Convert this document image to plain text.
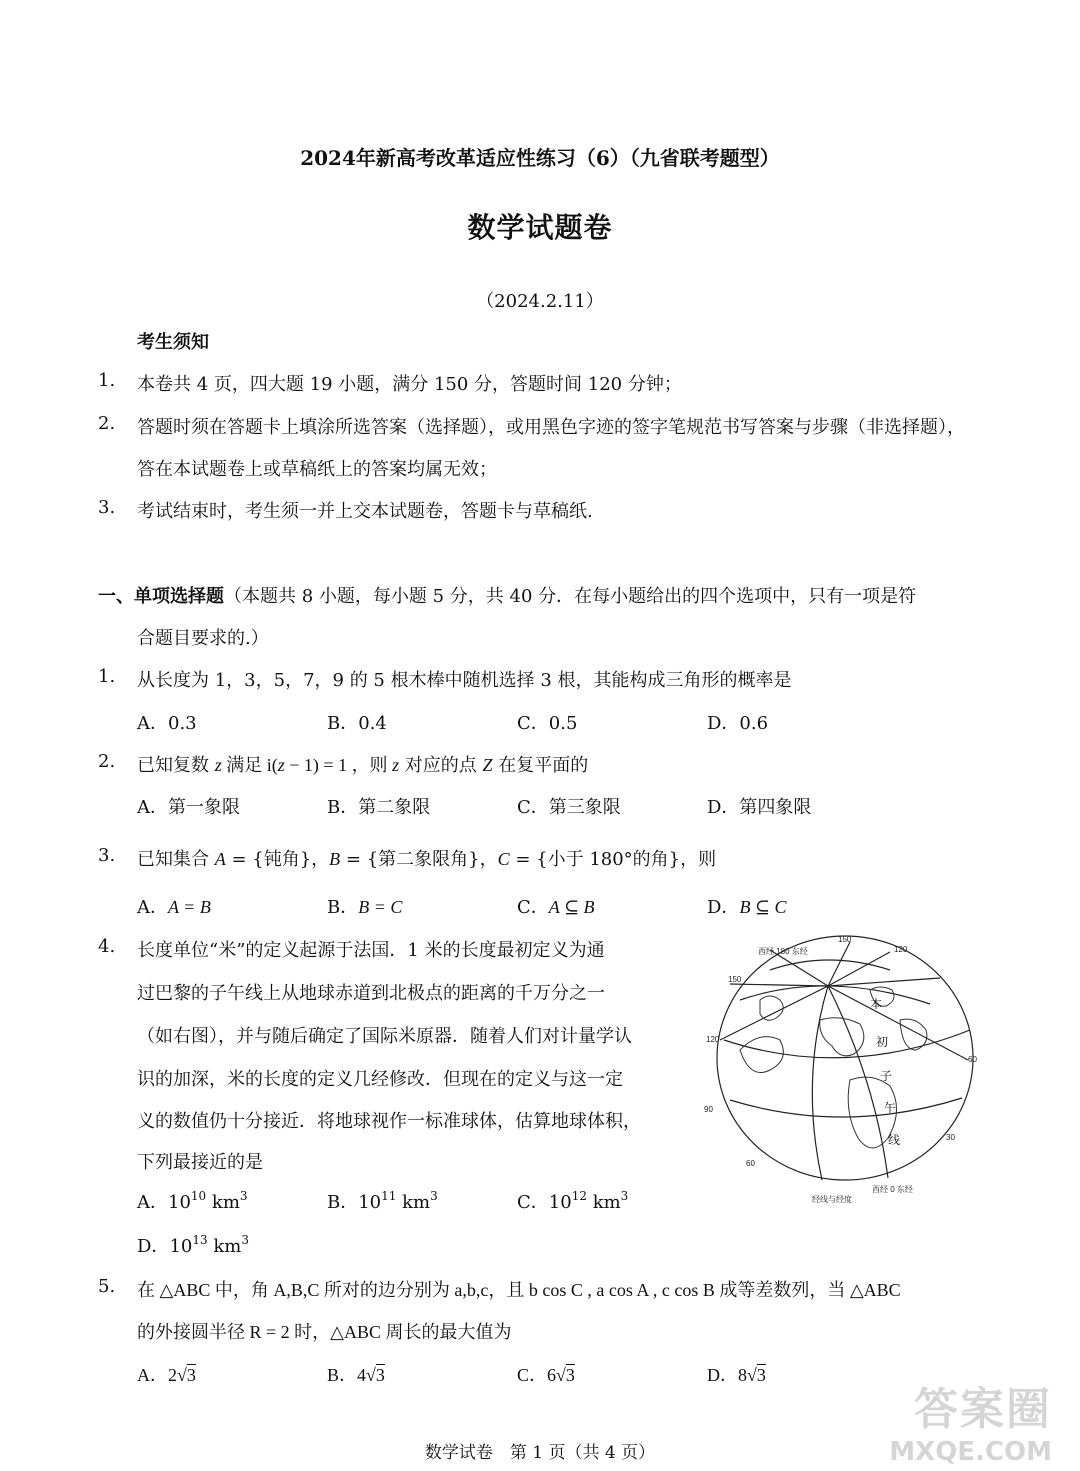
2024年新高考改革适应性练习（6）（九省联考题型）
数学试题卷
（2024.2.11）
考生须知
1. 本卷共 4 页，四大题 19 小题，满分 150 分，答题时间 120 分钟；
2. 答题时须在答题卡上填涂所选答案（选择题），或用黑色字迹的签字笔规范书写答案与步骤（非选择题），
答在本试题卷上或草稿纸上的答案均属无效；
3. 考试结束时，考生须一并上交本试题卷，答题卡与草稿纸.
一、单项选择题（本题共 8 小题，每小题 5 分，共 40 分．在每小题给出的四个选项中，只有一项是符
合题目要求的.）
1. 从长度为 1，3，5，7，9 的 5 根木棒中随机选择 3 根，其能构成三角形的概率是
A．0.3	B．0.4	C．0.5	D．0.6
2. 已知复数 z 满足 i(z − 1) = 1 ，则 z 对应的点 Z 在复平面的
A．第一象限	B．第二象限	C．第三象限	D．第四象限
3. 已知集合 A = {钝角}，B = {第二象限角}，C = {小于 180°的角}，则
A．A = B	B．B = C	C．A ⊆ B	D．B ⊆ C
4. 长度单位“米”的定义起源于法国．1 米的长度最初定义为通
过巴黎的子午线上从地球赤道到北极点的距离的千万分之一
（如右图），并与随后确定了国际米原器．随着人们对计量学认
识的加深，米的长度的定义几经修改．但现在的定义与这一定
义的数值仍十分接近．将地球视作一标准球体，估算地球体积，
下列最接近的是
A．$10^{10}$ $km^3$	B．$10^{11}$ $km^3$	C．$10^{12}$ $km^3$
D．$10^{13}$ $km^3$
西经 180 东经
150
120
150
120
90
60
30
60
西经 0 东经
经线与经度
本
初
子
午
线
5. 在 △ABC 中，角 A,B,C 所对的边分别为 a,b,c，且 b cos C , a cos A , c cos B 成等差数列，当 △ABC
的外接圆半径 R = 2 时，△ABC 周长的最大值为
A．2√3	B．4√3	C．6√3	D．8√3
数学试卷　第 1 页（共 4 页）
答案圈
MXQE.COM
